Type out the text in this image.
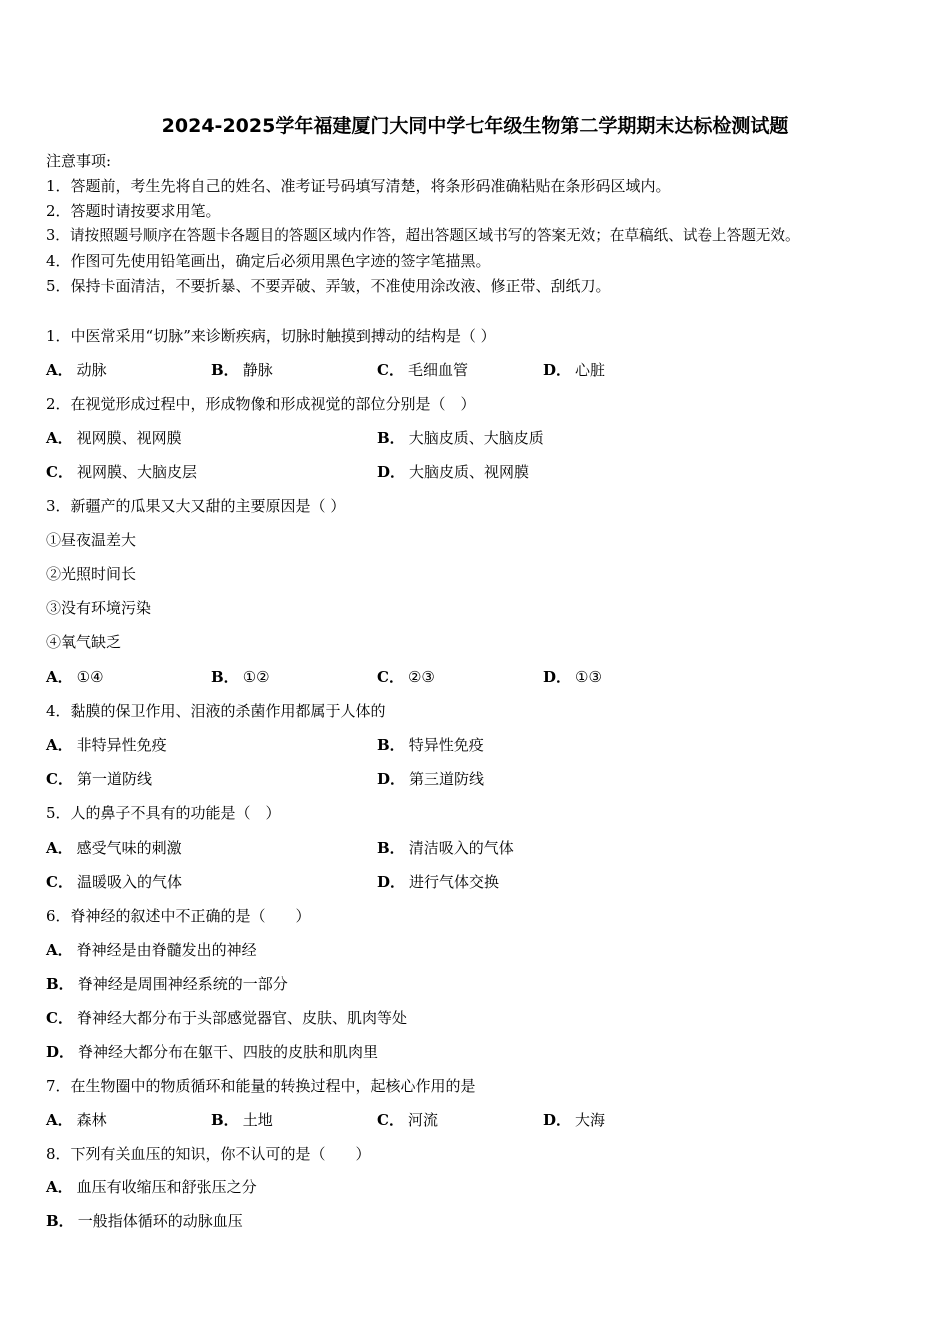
2024-2025学年福建厦门大同中学七年级生物第二学期期末达标检测试题
注意事项:
1．答题前，考生先将自己的姓名、准考证号码填写清楚，将条形码准确粘贴在条形码区域内。
2．答题时请按要求用笔。
3．请按照题号顺序在答题卡各题目的答题区域内作答，超出答题区域书写的答案无效；在草稿纸、试卷上答题无效。
4．作图可先使用铅笔画出，确定后必须用黑色字迹的签字笔描黑。
5．保持卡面清洁，不要折暴、不要弄破、弄皱，不准使用涂改液、修正带、刮纸刀。
1．中医常采用“切脉”来诊断疾病，切脉时触摸到搏动的结构是（ ）
A． 动脉	B． 静脉	C． 毛细血管	D． 心脏
2．在视觉形成过程中，形成物像和形成视觉的部位分别是（　）
A． 视网膜、视网膜	B． 大脑皮质、大脑皮质
C． 视网膜、大脑皮层	D． 大脑皮质、视网膜
3．新疆产的瓜果又大又甜的主要原因是（ ）
①昼夜温差大
②光照时间长
③没有环境污染
④氧气缺乏
A． ①④	B． ①②	C． ②③	D． ①③
4．黏膜的保卫作用、泪液的杀菌作用都属于人体的
A． 非特异性免疫	B． 特异性免疫
C． 第一道防线	D． 第三道防线
5．人的鼻子不具有的功能是（　）
A． 感受气味的刺激	B． 清洁吸入的气体
C． 温暖吸入的气体	D． 进行气体交换
6．脊神经的叙述中不正确的是（　　）
A． 脊神经是由脊髓发出的神经
B． 脊神经是周围神经系统的一部分
C． 脊神经大都分布于头部感觉器官、皮肤、肌肉等处
D． 脊神经大都分布在躯干、四肢的皮肤和肌肉里
7．在生物圈中的物质循环和能量的转换过程中，起核心作用的是
A． 森林	B． 土地	C． 河流	D． 大海
8．下列有关血压的知识，你不认可的是（　　）
A． 血压有收缩压和舒张压之分
B． 一般指体循环的动脉血压
